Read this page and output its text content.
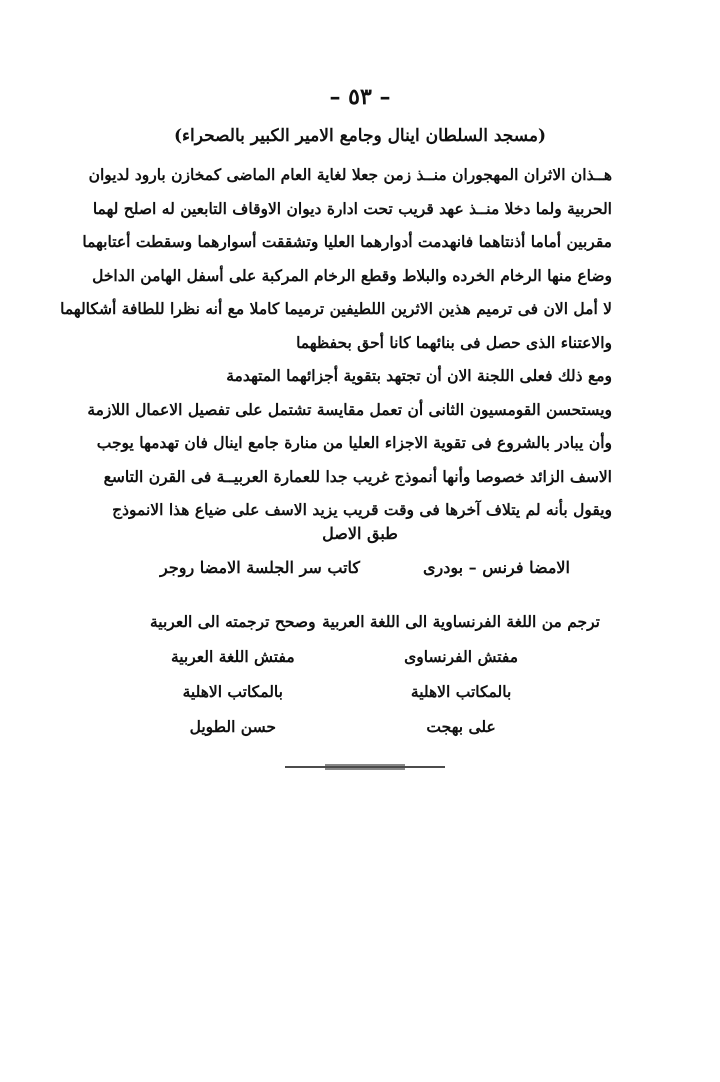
– ٥٣ –
(مسجد السلطان اينال وجامع الامير الكبير بالصحراء)
هــذان الاثران المهجوران منــذ زمن جعلا لغاية العام الماضى كمخازن بارود لديوان
الحربية ولما دخلا منــذ عهد قريب تحت ادارة ديوان الاوقاف التابعين له اصلح لهما
مقربين أماما أذنتاهما فانهدمت أدوارهما العليا وتشققت أسوارهما وسقطت أعتابهما
وضاع منها الرخام الخرده والبلاط وقطع الرخام المركبة على أسفل الهامن الداخل
لا أمل الان فى ترميم هذين الاثرين اللطيفين ترميما كاملا مع أنه نظرا للطافة أشكالهما
والاعتناء الذى حصل فى بنائهما كانا أحق بحفظهما
ومع ذلك فعلى اللجنة الان أن تجتهد بتقوية أجزائهما المتهدمة
ويستحسن القومسيون الثانى أن تعمل مقايسة تشتمل على تفصيل الاعمال اللازمة
وأن يبادر بالشروع فى تقوية الاجزاء العليا من منارة جامع اينال فان تهدمها يوجب
الاسف الزائد خصوصا وأنها أنموذج غريب جدا للعمارة العربيــة فى القرن التاسع
ويقول بأنه لم يتلاف آخرها فى وقت قريب يزيد الاسف على ضياع هذا الانموذج
طبق الاصل
الامضا فرنس – بودرى
كاتب سر الجلسة الامضا روجر
ترجم من اللغة الفرنساوية الى اللغة العربية
مفتش الفرنساوى
بالمكاتب الاهلية
على بهجت
وصحح ترجمته الى العربية
مفتش اللغة العربية
بالمكاتب الاهلية
حسن الطويل
